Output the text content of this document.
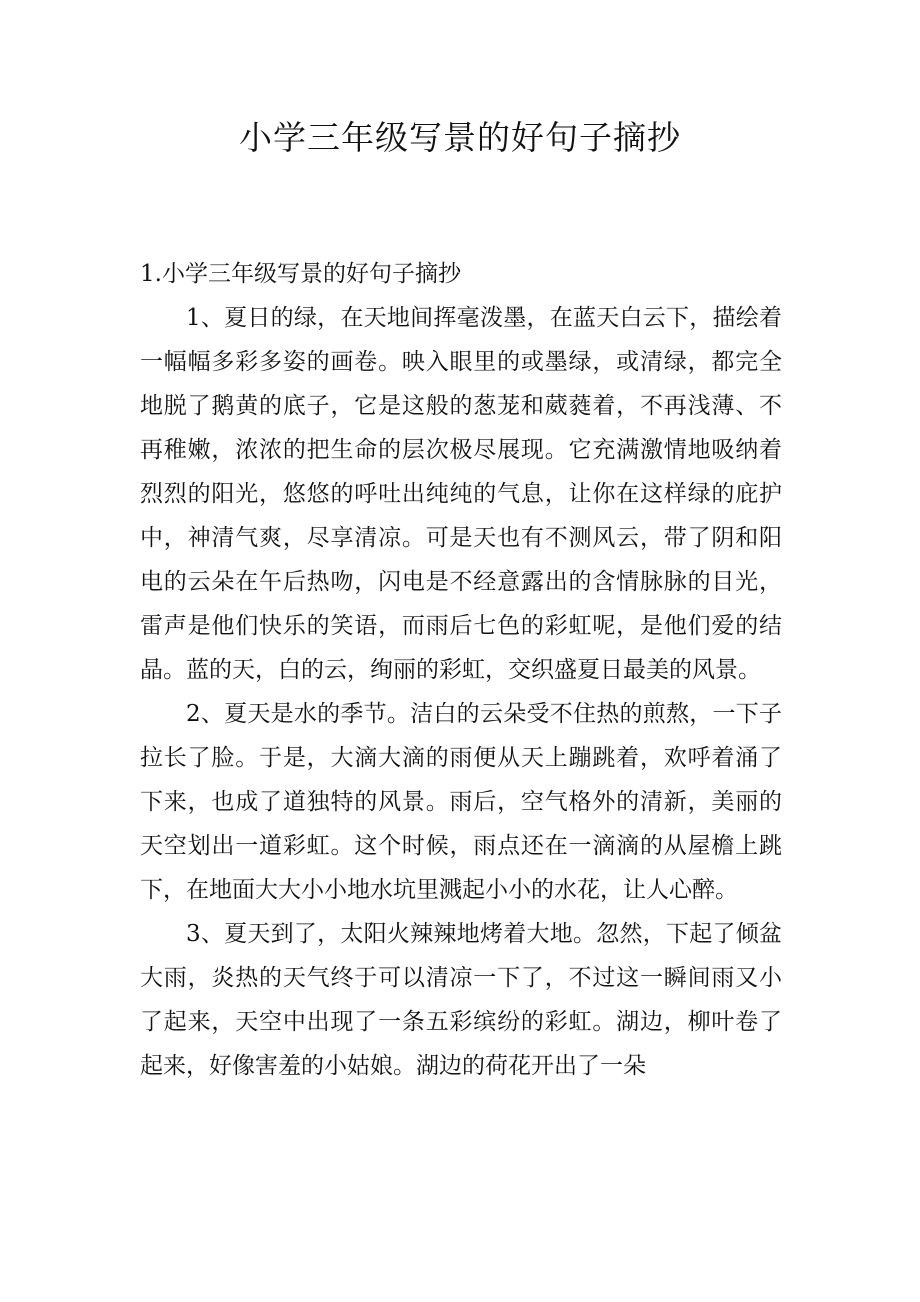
小学三年级写景的好句子摘抄
1.小学三年级写景的好句子摘抄

1、夏日的绿，在天地间挥毫泼墨，在蓝天白云下，描绘着一幅幅多彩多姿的画卷。映入眼里的或墨绿，或清绿，都完全地脱了鹅黄的底子，它是这般的葱茏和葳蕤着，不再浅薄、不再稚嫩，浓浓的把生命的层次极尽展现。它充满激情地吸纳着烈烈的阳光，悠悠的呼吐出纯纯的气息，让你在这样绿的庇护中，神清气爽，尽享清凉。可是天也有不测风云，带了阴和阳电的云朵在午后热吻，闪电是不经意露出的含情脉脉的目光，雷声是他们快乐的笑语，而雨后七色的彩虹呢，是他们爱的结晶。蓝的天，白的云，绚丽的彩虹，交织盛夏日最美的风景。

2、夏天是水的季节。洁白的云朵受不住热的煎熬，一下子拉长了脸。于是，大滴大滴的雨便从天上蹦跳着，欢呼着涌了下来，也成了道独特的风景。雨后，空气格外的清新，美丽的天空划出一道彩虹。这个时候，雨点还在一滴滴的从屋檐上跳下，在地面大大小小地水坑里溅起小小的水花，让人心醉。

3、夏天到了，太阳火辣辣地烤着大地。忽然，下起了倾盆大雨，炎热的天气终于可以清凉一下了，不过这一瞬间雨又小了起来，天空中出现了一条五彩缤纷的彩虹。湖边，柳叶卷了起来，好像害羞的小姑娘。湖边的荷花开出了一朵
